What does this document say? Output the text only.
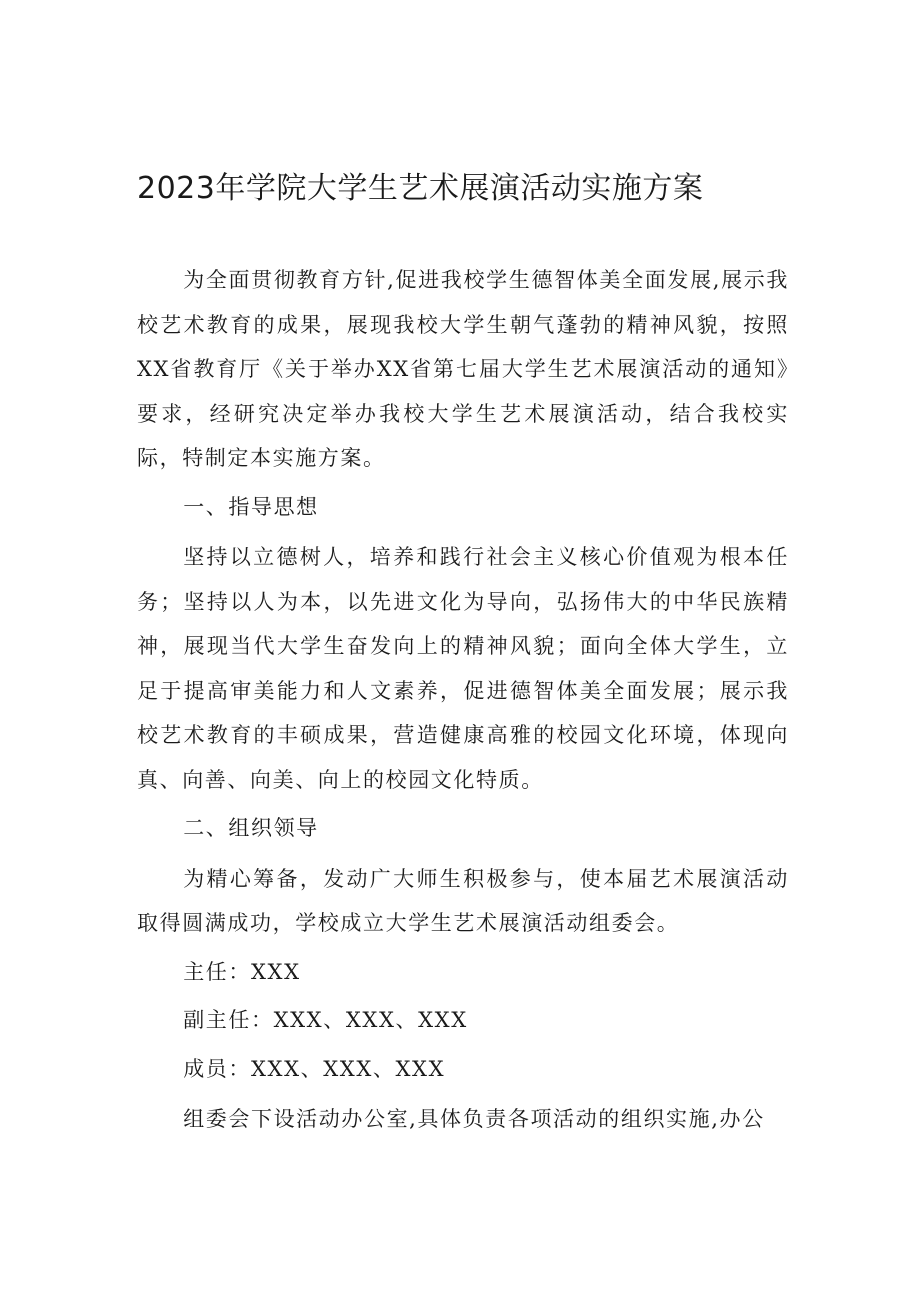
2023年学院大学生艺术展演活动实施方案

为全面贯彻教育方针,促进我校学生德智体美全面发展,展示我校艺术教育的成果，展现我校大学生朝气蓬勃的精神风貌，按照XX省教育厅《关于举办XX省第七届大学生艺术展演活动的通知》要求，经研究决定举办我校大学生艺术展演活动，结合我校实际，特制定本实施方案。

一、指导思想

坚持以立德树人，培养和践行社会主义核心价值观为根本任务；坚持以人为本，以先进文化为导向，弘扬伟大的中华民族精神，展现当代大学生奋发向上的精神风貌；面向全体大学生，立足于提高审美能力和人文素养，促进德智体美全面发展；展示我校艺术教育的丰硕成果，营造健康高雅的校园文化环境，体现向真、向善、向美、向上的校园文化特质。

二、组织领导

为精心筹备，发动广大师生积极参与，使本届艺术展演活动取得圆满成功，学校成立大学生艺术展演活动组委会。

主任：XXX

副主任：XXX、XXX、XXX

成员：XXX、XXX、XXX

组委会下设活动办公室,具体负责各项活动的组织实施,办公
